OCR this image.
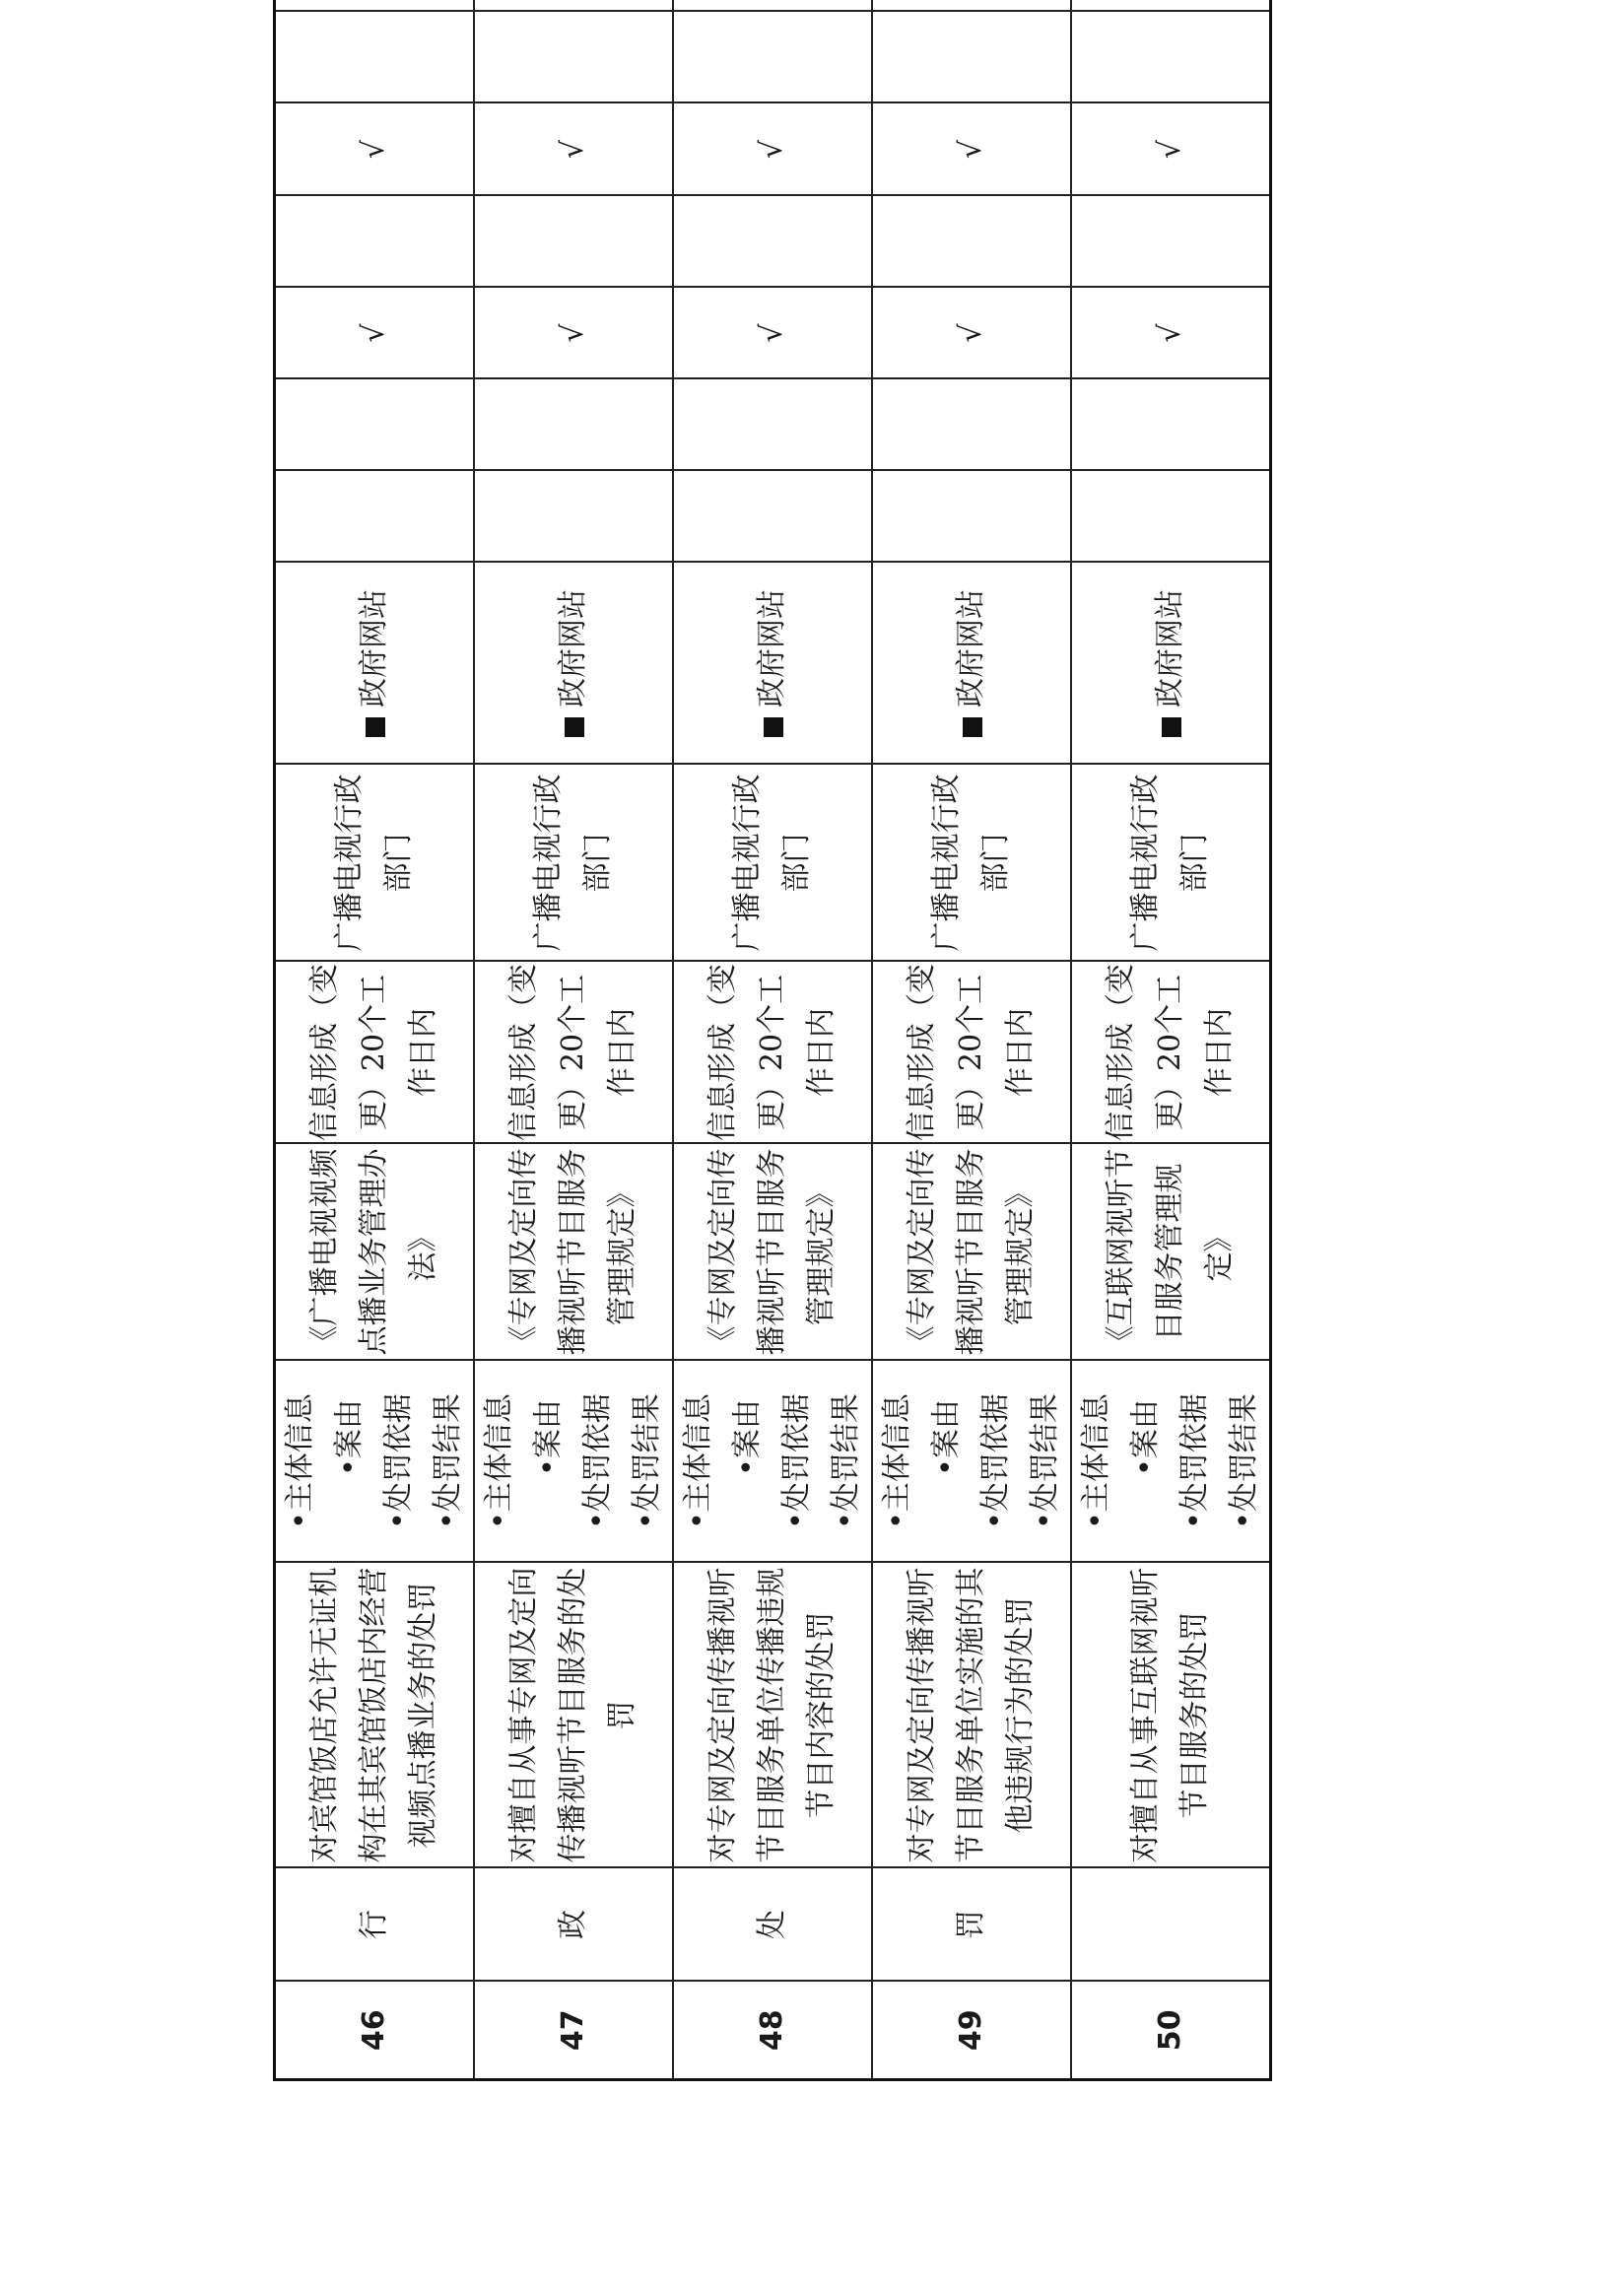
46	行	对宾馆饭店允许无证机构在其宾馆饭店内经营视频点播业务的处罚	•主体信息 •案由 •处罚依据 •处罚结果	《广播电视视频点播业务管理办法》	信息形成（变更）20个工作日内	广播电视行政部门	政府网站			√		√		
47	政	对擅自从事专网及定向传播视听节目服务的处罚	•主体信息 •案由 •处罚依据 •处罚结果	《专网及定向传播视听节目服务管理规定》	信息形成（变更）20个工作日内	广播电视行政部门	政府网站			√		√		
48	处	对专网及定向传播视听节目服务单位传播违规节目内容的处罚	•主体信息 •案由 •处罚依据 •处罚结果	《专网及定向传播视听节目服务管理规定》	信息形成（变更）20个工作日内	广播电视行政部门	政府网站			√		√		
49	罚	对专网及定向传播视听节目服务单位实施的其他违规行为的处罚	•主体信息 •案由 •处罚依据 •处罚结果	《专网及定向传播视听节目服务管理规定》	信息形成（变更）20个工作日内	广播电视行政部门	政府网站			√		√		
50		对擅自从事互联网视听节目服务的处罚	•主体信息 •案由 •处罚依据 •处罚结果	《互联网视听节目服务管理规定》	信息形成（变更）20个工作日内	广播电视行政部门	政府网站			√		√		
